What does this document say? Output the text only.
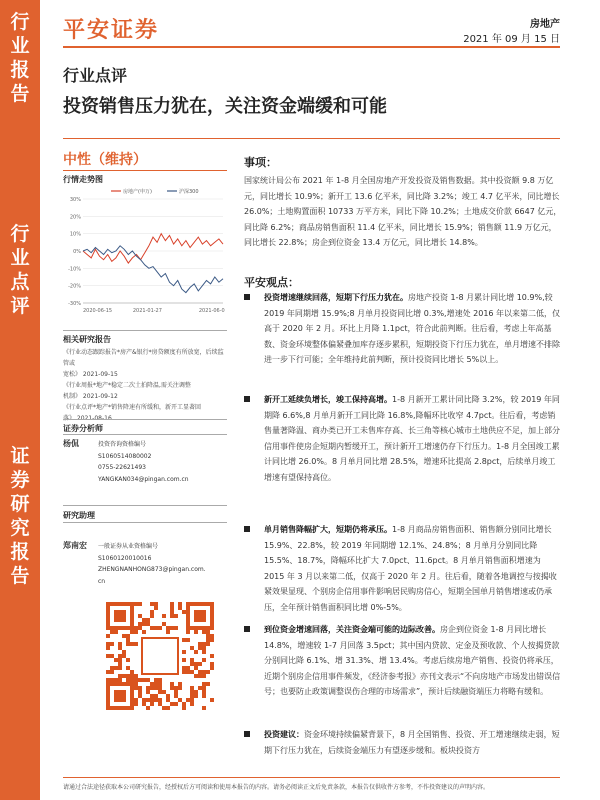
行
业
报
告
行
业
点
评
证
券
研
究
报
告
平安证券	房地产
2021 年 09 月 15 日
行业点评
投资销售压力犹在，关注资金端缓和可能
中性（维持）
行情走势图
30%
20%
10%
0%
-10%
-20%
-30%
2020-06-15	2021-01-27	2021-06-0
房地产(申万)	沪深300
相关研究报告
《行业动态跟踪报告*房产&银行*房贷额度有所放宽，后续监管或
宽松》 2021-09-15
《行业周报*地产*稳定二次土拍降温,需关注调整
机制》 2021-09-12
《行业点评*地产*销售降速有所缓和，新开工显著回
证券分析师
杨侃	投资咨询资格编号
S1060514080002
0755-22621493
YANGKAN034@pingan.com.cn
研究助理
郑南宏 一般证券从业资格编号
S1060120010016
ZHENGNANHONG873@pingan.com.
cn
事项：
国家统计局公布 2021 年 1-8 月全国房地产开发投资及销售数据。其中投资额 9.8 万亿元，同比增长 10.9%；新开工 13.6 亿平米，同比降 3.2%；竣工 4.7 亿平米，同比增长 26.0%；土地购置面积 10733 万平方米，同比下降 10.2%；土地成交价款 6647 亿元，同比降 6.2%；商品房销售面积 11.4 亿平米，同比增长 15.9%；销售额 11.9 万亿元，同比增长 22.8%；房企到位资金 13.4 万亿元，同比增长 14.8%。
平安观点：
投资增速继续回落，短期下行压力犹在。房地产投资 1-8 月累计同比增 10.9%,较 2019 年同期增 15.9%;8 月单月投资同比增 0.3%,增速处 2016 年以来第二低，仅高于 2020 年 2 月。环比上月降 1.1pct，符合此前判断。往后看，考虑上年高基数、资金环境整体偏紧叠加库存逐步累积，短期投资下行压力犹在，单月增速不排除进一步下行可能；全年维持此前判断，预计投资同比增长 5%以上。
新开工延续负增长，竣工保持高增。1-8 月新开工累计同比降 3.2%，较 2019 年同期降 6.6%,8 月单月新开工同比降 16.8%,降幅环比收窄 4.7pct。往后看，考虑销售量著降温、商办类已开工未售库存高、长三角等核心城市土地供应不足，加上部分信用事件使房企短期内暂缓开工，预计新开工增速仍存下行压力。1-8 月全国竣工累计同比增 26.0%。8 月单月同比增 28.5%，增速环比提高 2.8pct，后续单月竣工增速有望保持高位。
单月销售降幅扩大，短期仍将承压。1-8 月商品房销售面积、销售额分别同比增长 15.9%、22.8%，较 2019 年同期增 12.1%、24.8%；8 月单月分别同比降 15.5%、18.7%，降幅环比扩大 7.0pct、11.6pct。8 月单月销售面积增速为 2015 年 3 月以来第二低，仅高于 2020 年 2 月。往后看，随着各地调控与按揭收紧效果显现、个别房企信用事件影响居民购房信心，短期全国单月销售增速或仍承压，全年预计销售面积同比增 0%-5%。
到位资金增速回落，关注资金端可能的边际改善。房企到位资金 1-8 月同比增长 14.8%，增速较 1-7 月回落 3.5pct；其中国内贷款、定金及预收款、个人按揭贷款分别同比降 6.1%、增 31.3%、增 13.4%。考虑后续房地产销售、投资仍将承压，近期个别房企信用事件频发，《经济参考报》亦刊文表示“不向房地产市场发出错误信号；也要防止政策调整误伤合理的市场需求”，预计后续融资端压力将略有缓和。
投资建议：资金环境持续偏紧背景下，8 月全国销售、投资、开工增速继续走弱，短期下行压力犹在，后续资金端压力有望逐步缓和。板块投资方
请通过合法途径获取本公司研究报告，经授权后方可阅读和使用本报告的内容。请务必阅读正文后免责条款，本报告仅供收件方参考，不作投资建议的声明内容。
